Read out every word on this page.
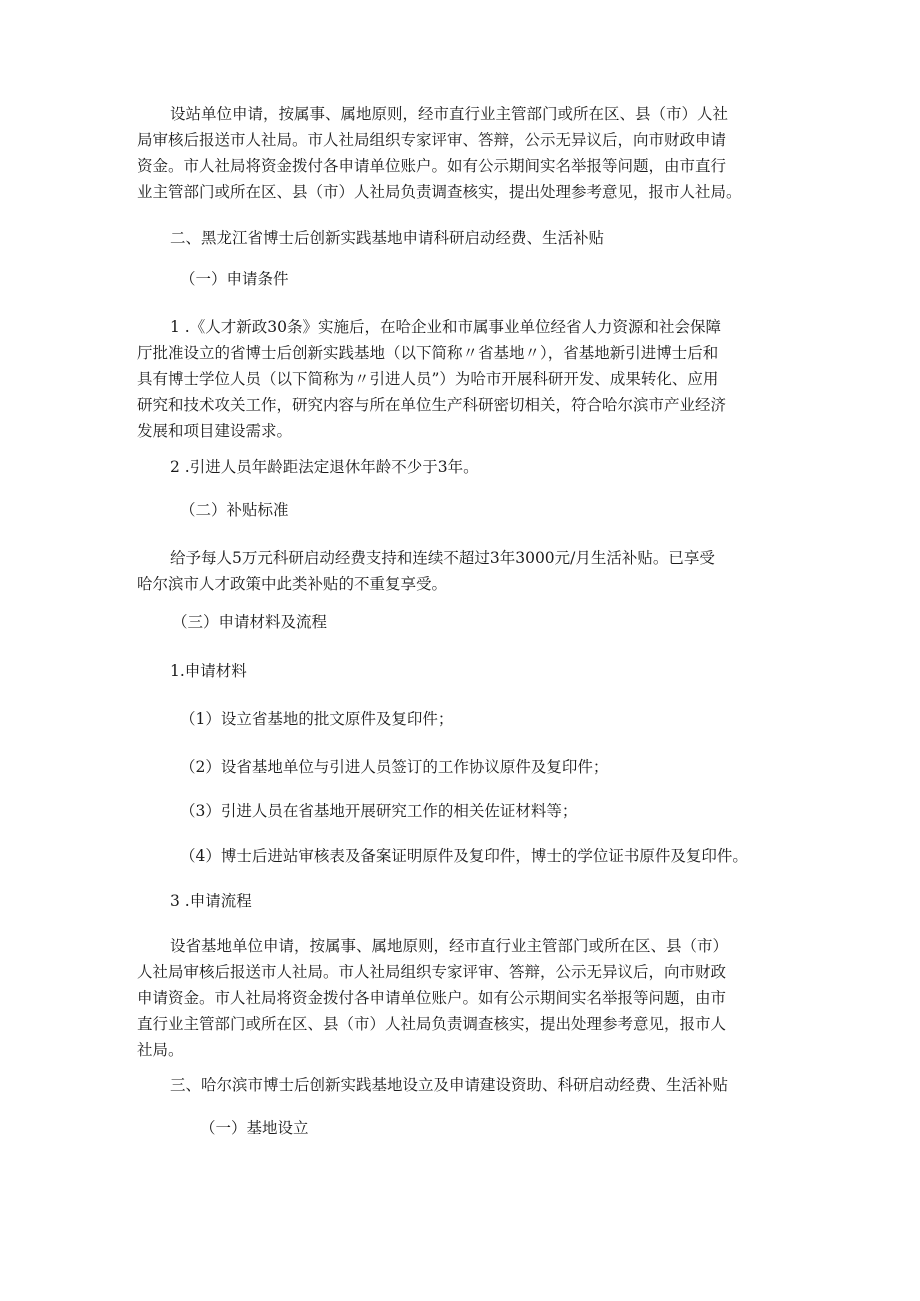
设站单位申请，按属事、属地原则，经市直行业主管部门或所在区、县（市）人社

局审核后报送市人社局。市人社局组织专家评审、答辩，公示无异议后，向市财政申请

资金。市人社局将资金拨付各申请单位账户。如有公示期间实名举报等问题，由市直行

业主管部门或所在区、县（市）人社局负责调查核实，提出处理参考意见，报市人社局。

二、黑龙江省博士后创新实践基地申请科研启动经费、生活补贴

（一）申请条件

1 .《人才新政30条》实施后，在哈企业和市属事业单位经省人力资源和社会保障

厅批准设立的省博士后创新实践基地（以下简称〃省基地〃），省基地新引进博士后和

具有博士学位人员（以下简称为〃引进人员”）为哈市开展科研开发、成果转化、应用

研究和技术攻关工作，研究内容与所在单位生产科研密切相关，符合哈尔滨市产业经济

发展和项目建设需求。

2 .引进人员年龄距法定退休年龄不少于3年。

（二）补贴标准

给予每人5万元科研启动经费支持和连续不超过3年3000元/月生活补贴。已享受

哈尔滨市人才政策中此类补贴的不重复享受。

（三）申请材料及流程

1.申请材料

（1）设立省基地的批文原件及复印件；

（2）设省基地单位与引进人员签订的工作协议原件及复印件；

（3）引进人员在省基地开展研究工作的相关佐证材料等；

（4）博士后进站审核表及备案证明原件及复印件，博士的学位证书原件及复印件。

3 .申请流程

设省基地单位申请，按属事、属地原则，经市直行业主管部门或所在区、县（市）

人社局审核后报送市人社局。市人社局组织专家评审、答辩，公示无异议后，向市财政

申请资金。市人社局将资金拨付各申请单位账户。如有公示期间实名举报等问题，由市

直行业主管部门或所在区、县（市）人社局负责调查核实，提出处理参考意见，报市人

社局。

三、哈尔滨市博士后创新实践基地设立及申请建设资助、科研启动经费、生活补贴

（一）基地设立
